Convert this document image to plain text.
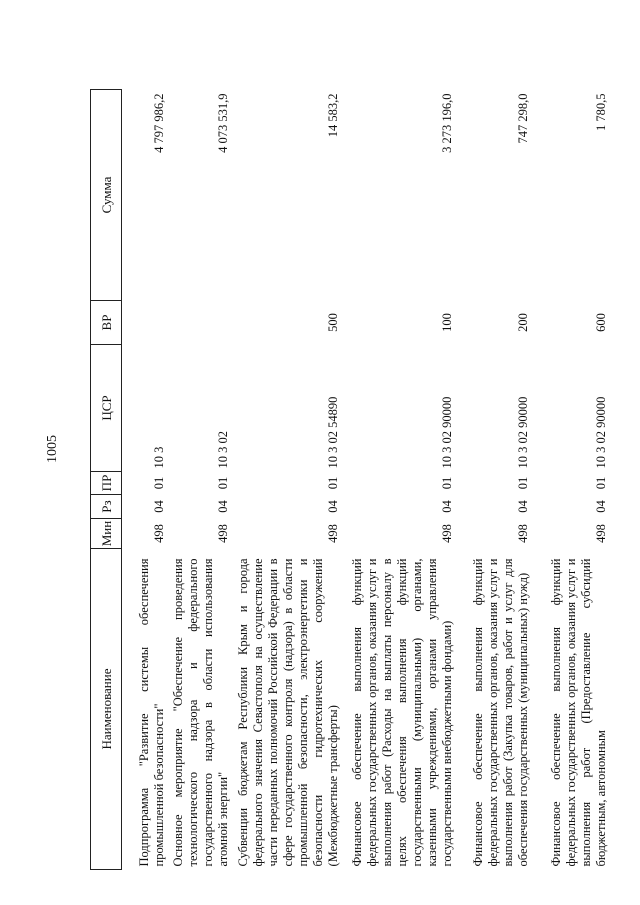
1005
Наименование	Мин	Рз	ПР	ЦСР	ВР	Сумма
Подпрограмма "Развитие системы обеспечения промышленной безопасности"	498	04	01	10 3		4 797 986,2
Основное мероприятие "Обеспечение проведения технологического надзора и федерального государственного надзора в области использования атомной энергии"	498	04	01	10 3 02		4 073 531,9
Субвенции бюджетам Республики Крым и города федерального значения Севастополя на осуществление части переданных полномочий Российской Федерации в сфере государственного контроля (надзора) в области промышленной безопасности, электроэнергетики и безопасности гидротехнических сооружений (Межбюджетные трансферты)	498	04	01	10 3 02 54890	500	14 583,2
Финансовое обеспечение выполнения функций федеральных государственных органов, оказания услуг и выполнения работ (Расходы на выплаты персоналу в целях обеспечения выполнения функций государственными (муниципальными) органами, казенными учреждениями, органами управления государственными внебюджетными фондами)	498	04	01	10 3 02 90000	100	3 273 196,0
Финансовое обеспечение выполнения функций федеральных государственных органов, оказания услуг и выполнения работ (Закупка товаров, работ и услуг для обеспечения государственных (муниципальных) нужд)	498	04	01	10 3 02 90000	200	747 298,0
Финансовое обеспечение выполнения функций федеральных государственных органов, оказания услуг и выполнения работ (Предоставление субсидий бюджетным, автономным	498	04	01	10 3 02 90000	600	1 780,5
